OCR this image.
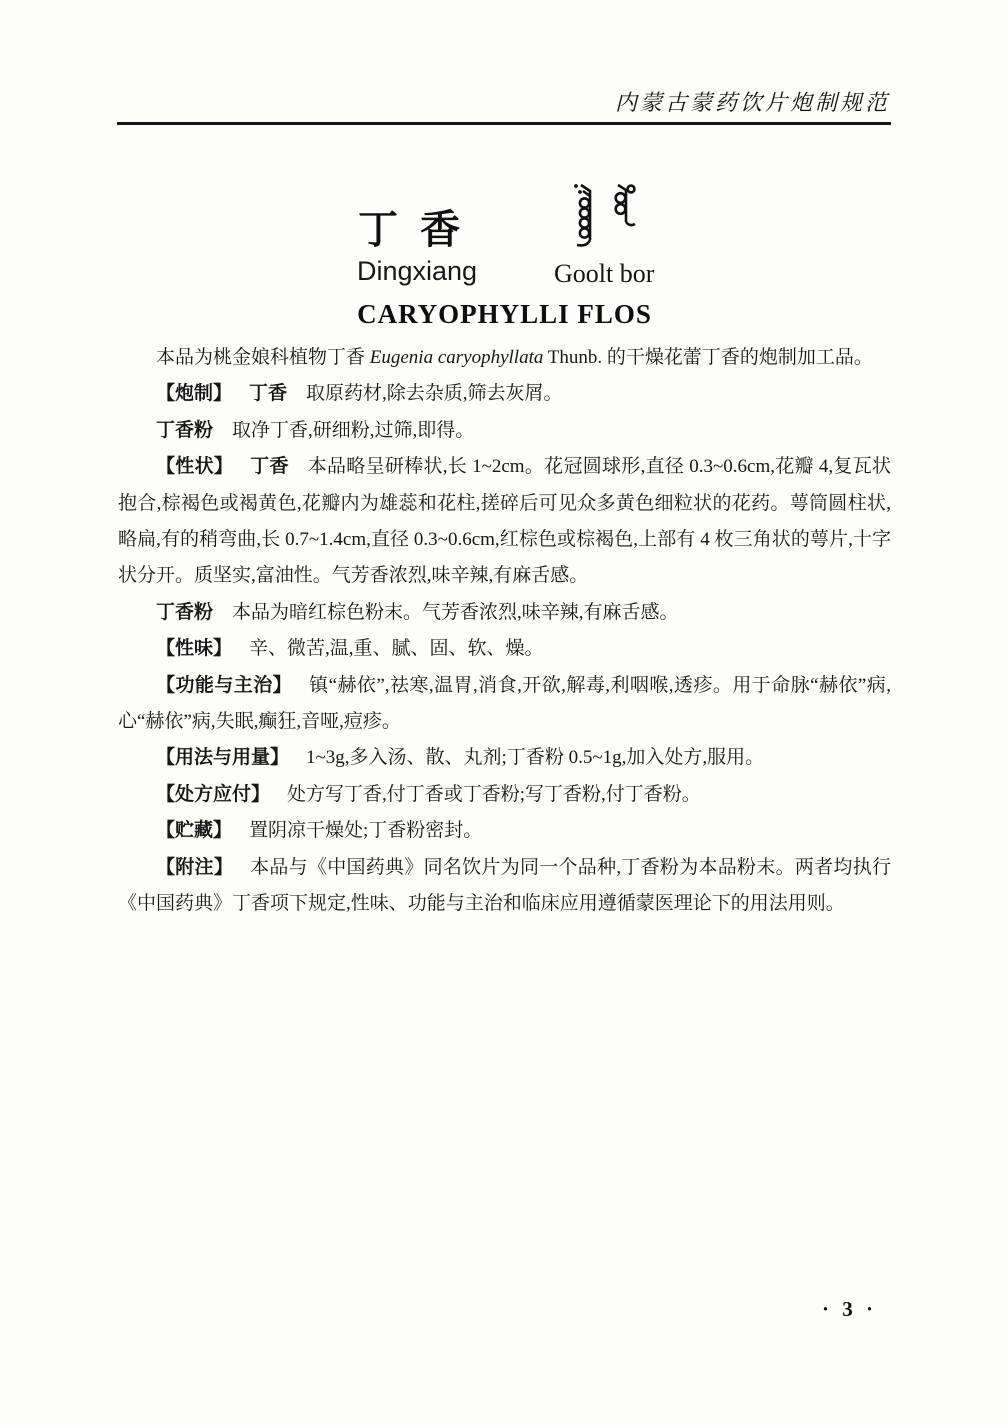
内蒙古蒙药饮片炮制规范
丁香
Dingxiang	Goolt bor
CARYOPHYLLI FLOS

本品为桃金娘科植物丁香 Eugenia caryophyllata Thunb. 的干燥花蕾丁香的炮制加工品。

【炮制】 丁香 取原药材,除去杂质,筛去灰屑。

丁香粉 取净丁香,研细粉,过筛,即得。

【性状】 丁香 本品略呈研棒状,长 1~2cm。花冠圆球形,直径 0.3~0.6cm,花瓣 4,复瓦状抱合,棕褐色或褐黄色,花瓣内为雄蕊和花柱,搓碎后可见众多黄色细粒状的花药。萼筒圆柱状,略扁,有的稍弯曲,长 0.7~1.4cm,直径 0.3~0.6cm,红棕色或棕褐色,上部有 4 枚三角状的萼片,十字状分开。质坚实,富油性。气芳香浓烈,味辛辣,有麻舌感。

丁香粉 本品为暗红棕色粉末。气芳香浓烈,味辛辣,有麻舌感。

【性味】 辛、微苦,温,重、腻、固、软、燥。

【功能与主治】 镇“赫依”,祛寒,温胃,消食,开欲,解毒,利咽喉,透疹。用于命脉“赫依”病,心“赫依”病,失眠,癫狂,音哑,痘疹。

【用法与用量】 1~3g,多入汤、散、丸剂;丁香粉 0.5~1g,加入处方,服用。

【处方应付】 处方写丁香,付丁香或丁香粉;写丁香粉,付丁香粉。

【贮藏】 置阴凉干燥处;丁香粉密封。

【附注】 本品与《中国药典》同名饮片为同一个品种,丁香粉为本品粉末。两者均执行《中国药典》丁香项下规定,性味、功能与主治和临床应用遵循蒙医理论下的用法用则。

· 3 ·
